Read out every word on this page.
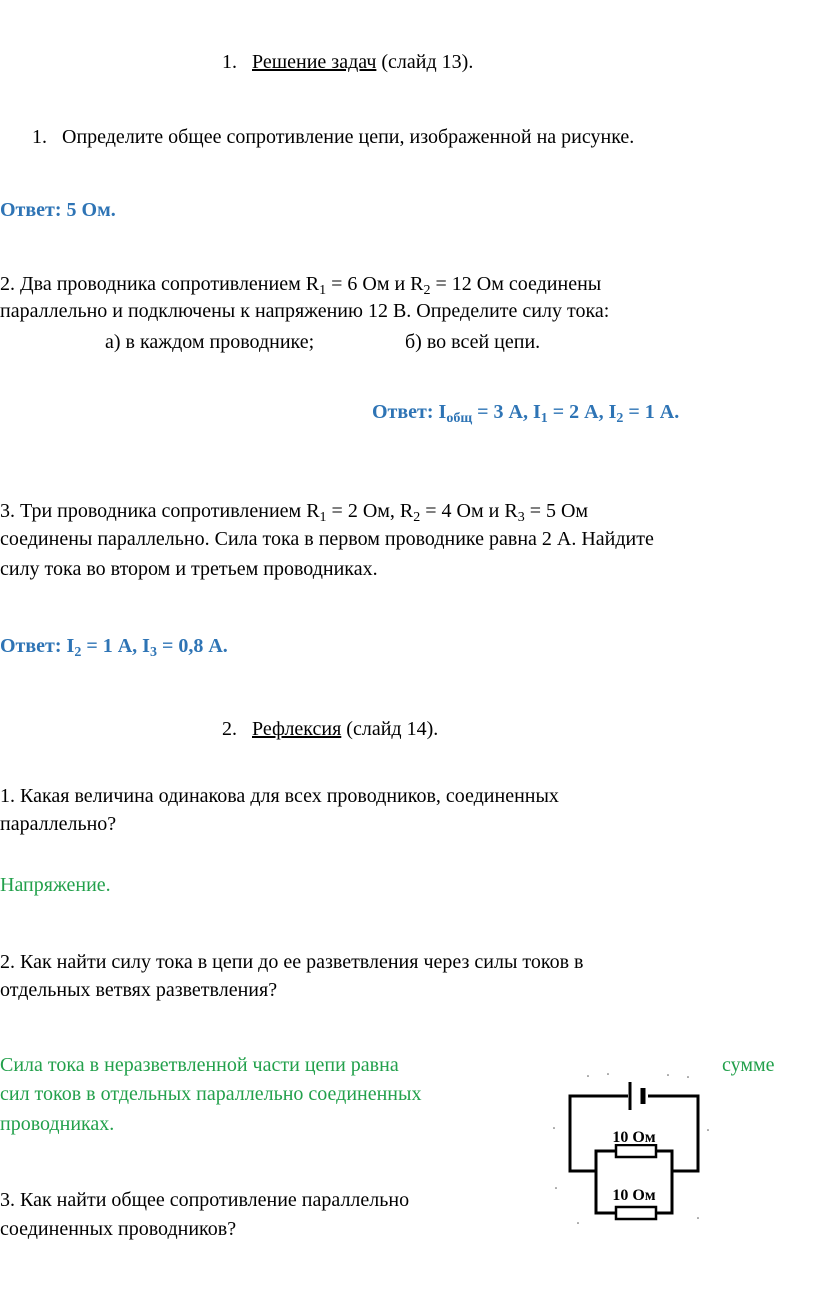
1. Решение задач (слайд 13).
1. Определите общее сопротивление цепи, изображенной на рисунке.
Ответ: 5 Ом.
2. Два проводника сопротивлением $R_1 = 6$ Ом и $R_2 = 12$ Ом соединены
параллельно и подключены к напряжению 12 В. Определите силу тока:
а) в каждом проводнике;	б) во всей цепи.
Ответ: $I_{общ} = 3$ А, $I_1 = 2$ А, $I_2 = 1$ А.
3. Три проводника сопротивлением $R_1 = 2$ Ом, $R_2 = 4$ Ом и $R_3 = 5$ Ом
соединены параллельно. Сила тока в первом проводнике равна 2 А. Найдите
силу тока во втором и третьем проводниках.
Ответ: $I_2 = 1$ А, $I_3 = 0,8$ А.
2. Рефлексия (слайд 14).
1. Какая величина одинакова для всех проводников, соединенных
параллельно?
Напряжение.
2. Как найти силу тока в цепи до ее разветвления через силы токов в
отдельных ветвях разветвления?
Сила тока в неразветвленной части цепи равна	сумме
сил токов в отдельных параллельно соединенных
проводниках.
3. Как найти общее сопротивление параллельно
соединенных проводников?
10 Ом
10 Ом
